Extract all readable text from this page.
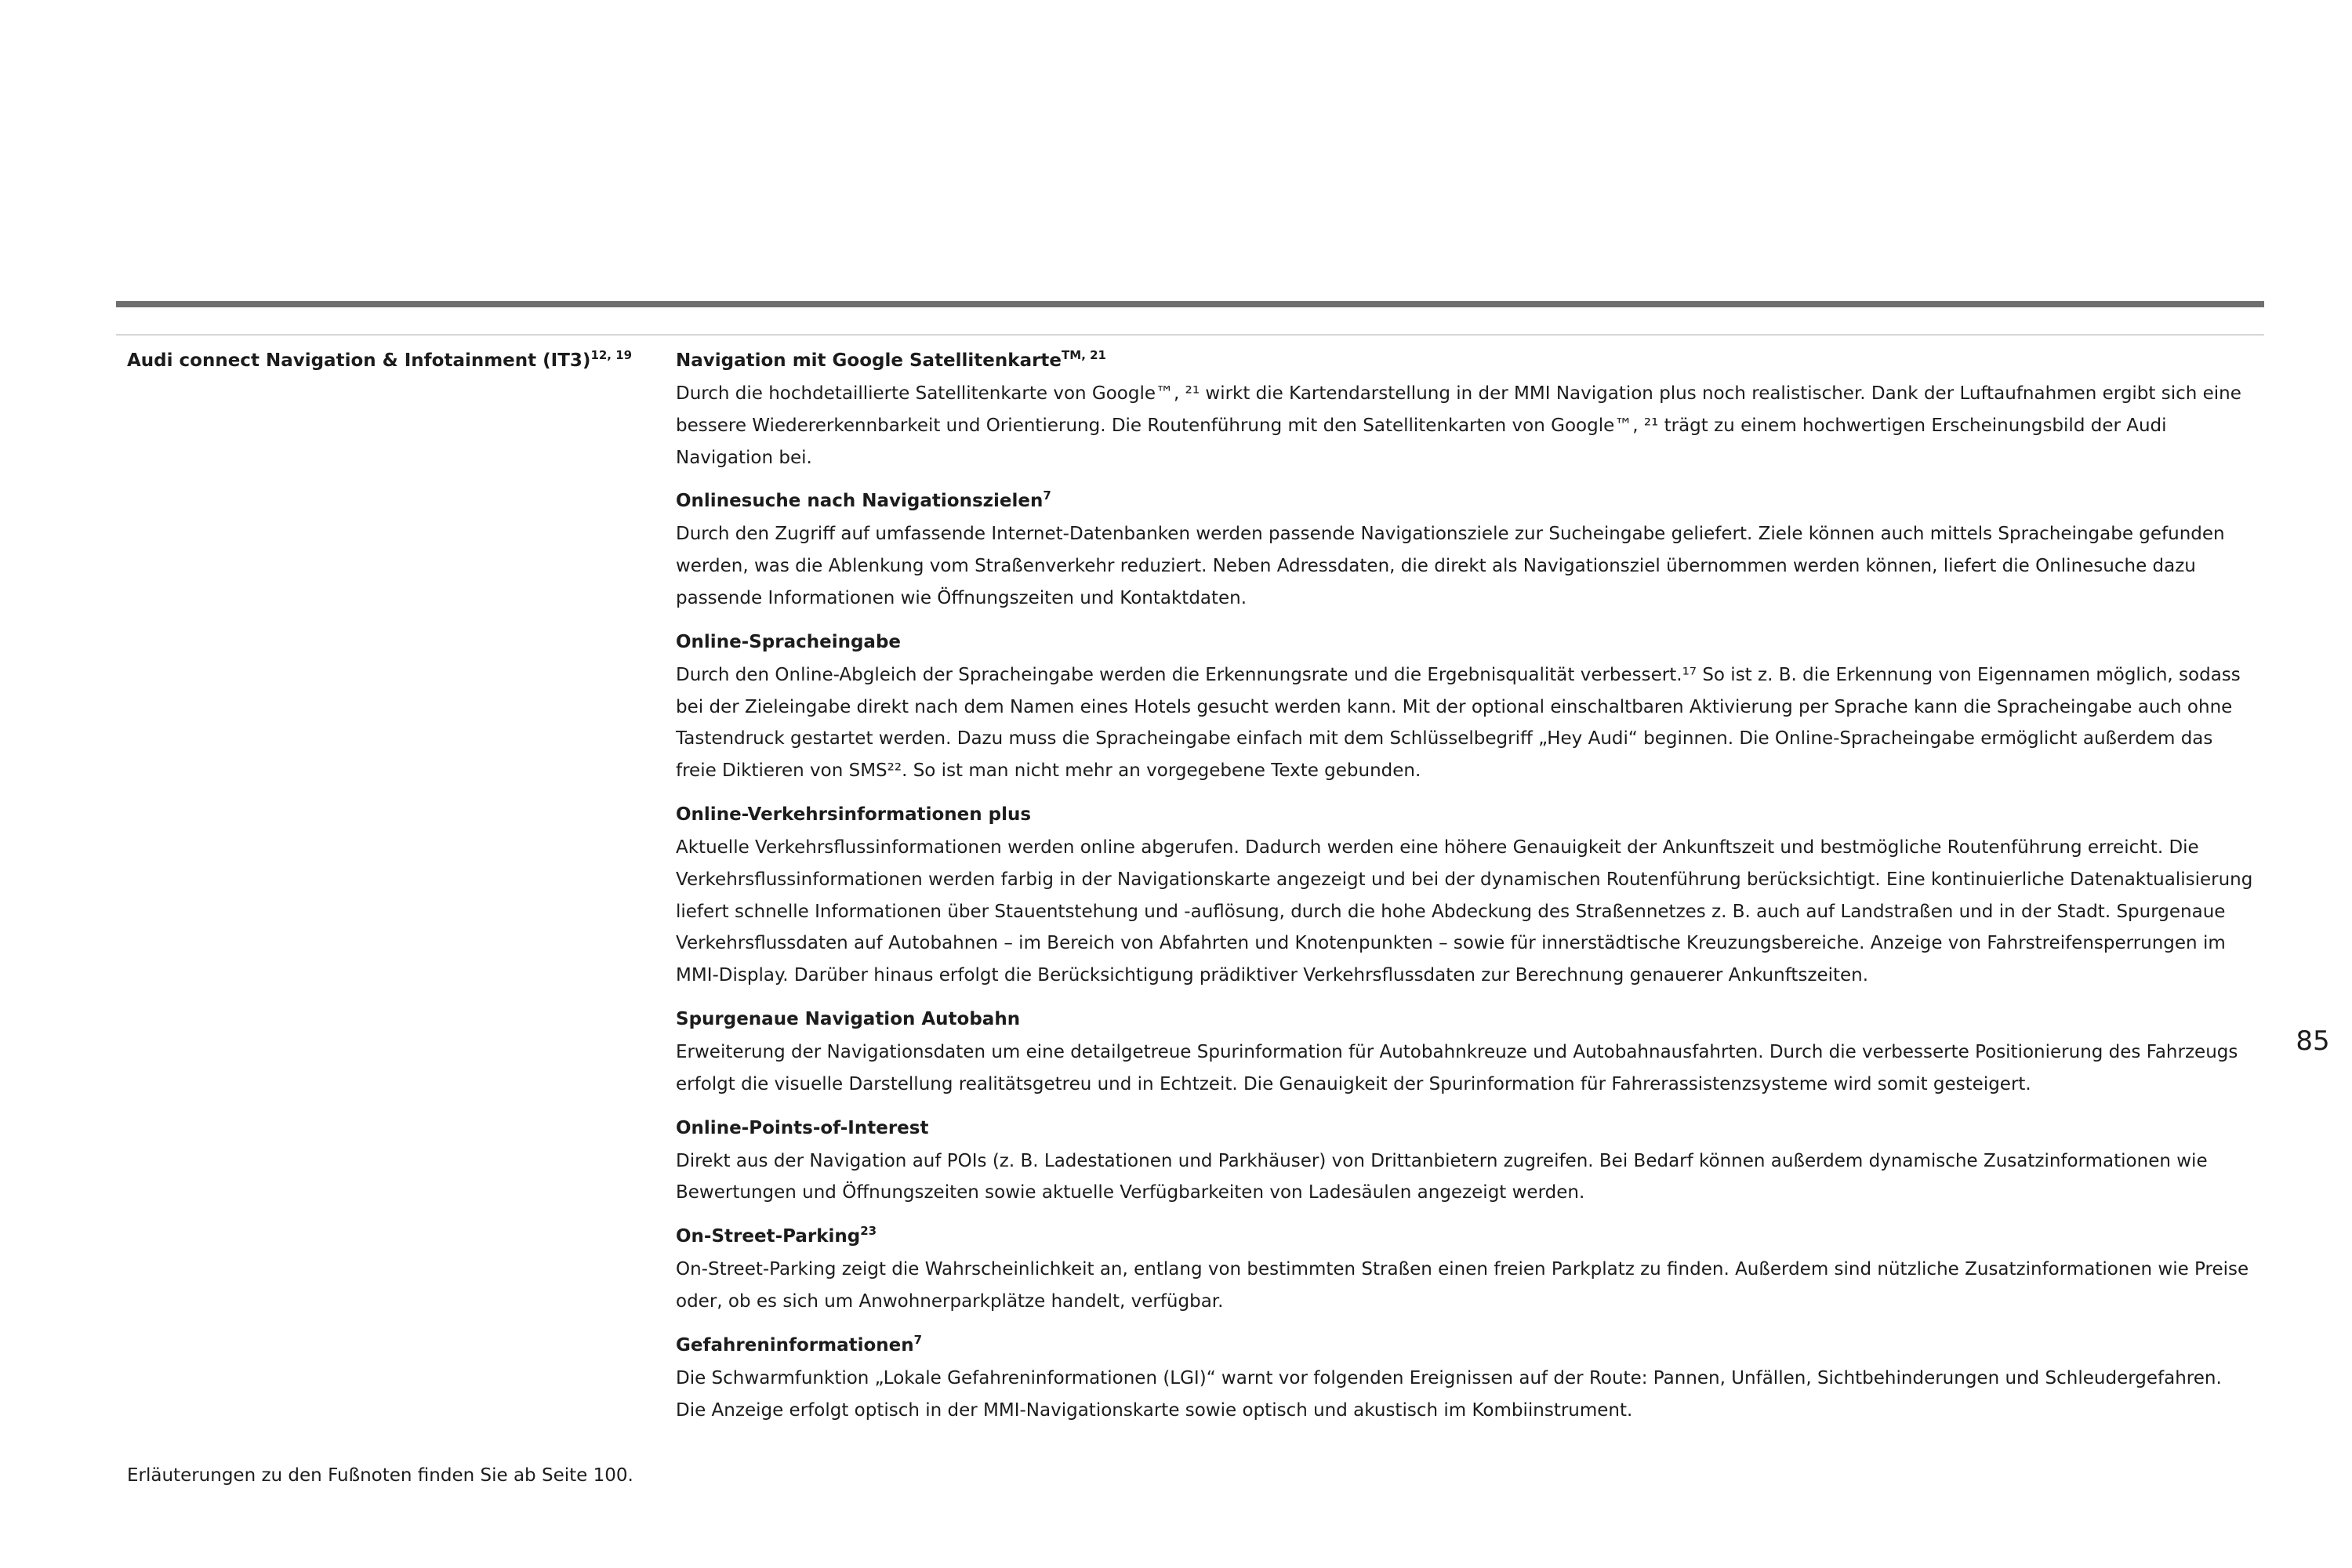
Audi connect Navigation & Infotainment $(IT3)^{12, 19}$	Navigation mit Google Satellitenkarte$^{TM, 21}$

Durch die hochdetaillierte Satellitenkarte von Google™, ²¹ wirkt die Kartendarstellung in der MMI Navigation plus noch realistischer. Dank der Luftaufnahmen ergibt sich eine bessere Wiedererkennbarkeit und Orientierung. Die Routenführung mit den Satellitenkarten von Google™, ²¹ trägt zu einem hochwertigen Erscheinungsbild der Audi Navigation bei.

Onlinesuche nach Navigationszielen$^7$

Durch den Zugriff auf umfassende Internet-Datenbanken werden passende Navigationsziele zur Sucheingabe geliefert. Ziele können auch mittels Spracheingabe gefunden werden, was die Ablenkung vom Straßenverkehr reduziert. Neben Adressdaten, die direkt als Navigationsziel übernommen werden können, liefert die Onlinesuche dazu passende Informationen wie Öffnungszeiten und Kontaktdaten.

Online-Spracheingabe

Durch den Online-Abgleich der Spracheingabe werden die Erkennungsrate und die Ergebnisqualität verbessert.¹⁷ So ist z. B. die Erkennung von Eigennamen möglich, sodass bei der Zieleingabe direkt nach dem Namen eines Hotels gesucht werden kann. Mit der optional einschaltbaren Aktivierung per Sprache kann die Spracheingabe auch ohne Tastendruck gestartet werden. Dazu muss die Spracheingabe einfach mit dem Schlüsselbegriff „Hey Audi“ beginnen. Die Online-Spracheingabe ermöglicht außerdem das freie Diktieren von SMS²². So ist man nicht mehr an vorgegebene Texte gebunden.

Online-Verkehrsinformationen plus

Aktuelle Verkehrsflussinformationen werden online abgerufen. Dadurch werden eine höhere Genauigkeit der Ankunftszeit und bestmögliche Routenführung erreicht. Die Verkehrsflussinformationen werden farbig in der Navigationskarte angezeigt und bei der dynamischen Routenführung berücksichtigt. Eine kontinuierliche Datenaktualisierung liefert schnelle Informationen über Stauentstehung und -auflösung, durch die hohe Abdeckung des Straßennetzes z. B. auch auf Landstraßen und in der Stadt. Spurgenaue Verkehrsflussdaten auf Autobahnen – im Bereich von Abfahrten und Knotenpunkten – sowie für innerstädtische Kreuzungsbereiche. Anzeige von Fahrstreifensperrungen im MMI-Display. Darüber hinaus erfolgt die Berücksichtigung prädiktiver Verkehrsflussdaten zur Berechnung genauerer Ankunftszeiten.

Spurgenaue Navigation Autobahn

Erweiterung der Navigationsdaten um eine detailgetreue Spurinformation für Autobahnkreuze und Autobahnausfahrten. Durch die verbesserte Positionierung des Fahrzeugs erfolgt die visuelle Darstellung realitätsgetreu und in Echtzeit. Die Genauigkeit der Spurinformation für Fahrerassistenzsysteme wird somit gesteigert.

Online-Points-of-Interest

Direkt aus der Navigation auf POIs (z. B. Ladestationen und Parkhäuser) von Drittanbietern zugreifen. Bei Bedarf können außerdem dynamische Zusatzinformationen wie Bewertungen und Öffnungszeiten sowie aktuelle Verfügbarkeiten von Ladesäulen angezeigt werden.

On-Street-Parking$^{23}$

On-Street-Parking zeigt die Wahrscheinlichkeit an, entlang von bestimmten Straßen einen freien Parkplatz zu finden. Außerdem sind nützliche Zusatzinformationen wie Preise oder, ob es sich um Anwohnerparkplätze handelt, verfügbar.

Gefahreninformationen$^7$

Die Schwarmfunktion „Lokale Gefahreninformationen (LGI)“ warnt vor folgenden Ereignissen auf der Route: Pannen, Unfällen, Sichtbehinderungen und Schleudergefahren. Die Anzeige erfolgt optisch in der MMI-Navigationskarte sowie optisch und akustisch im Kombiinstrument.

85
Erläuterungen zu den Fußnoten finden Sie ab Seite 100.
